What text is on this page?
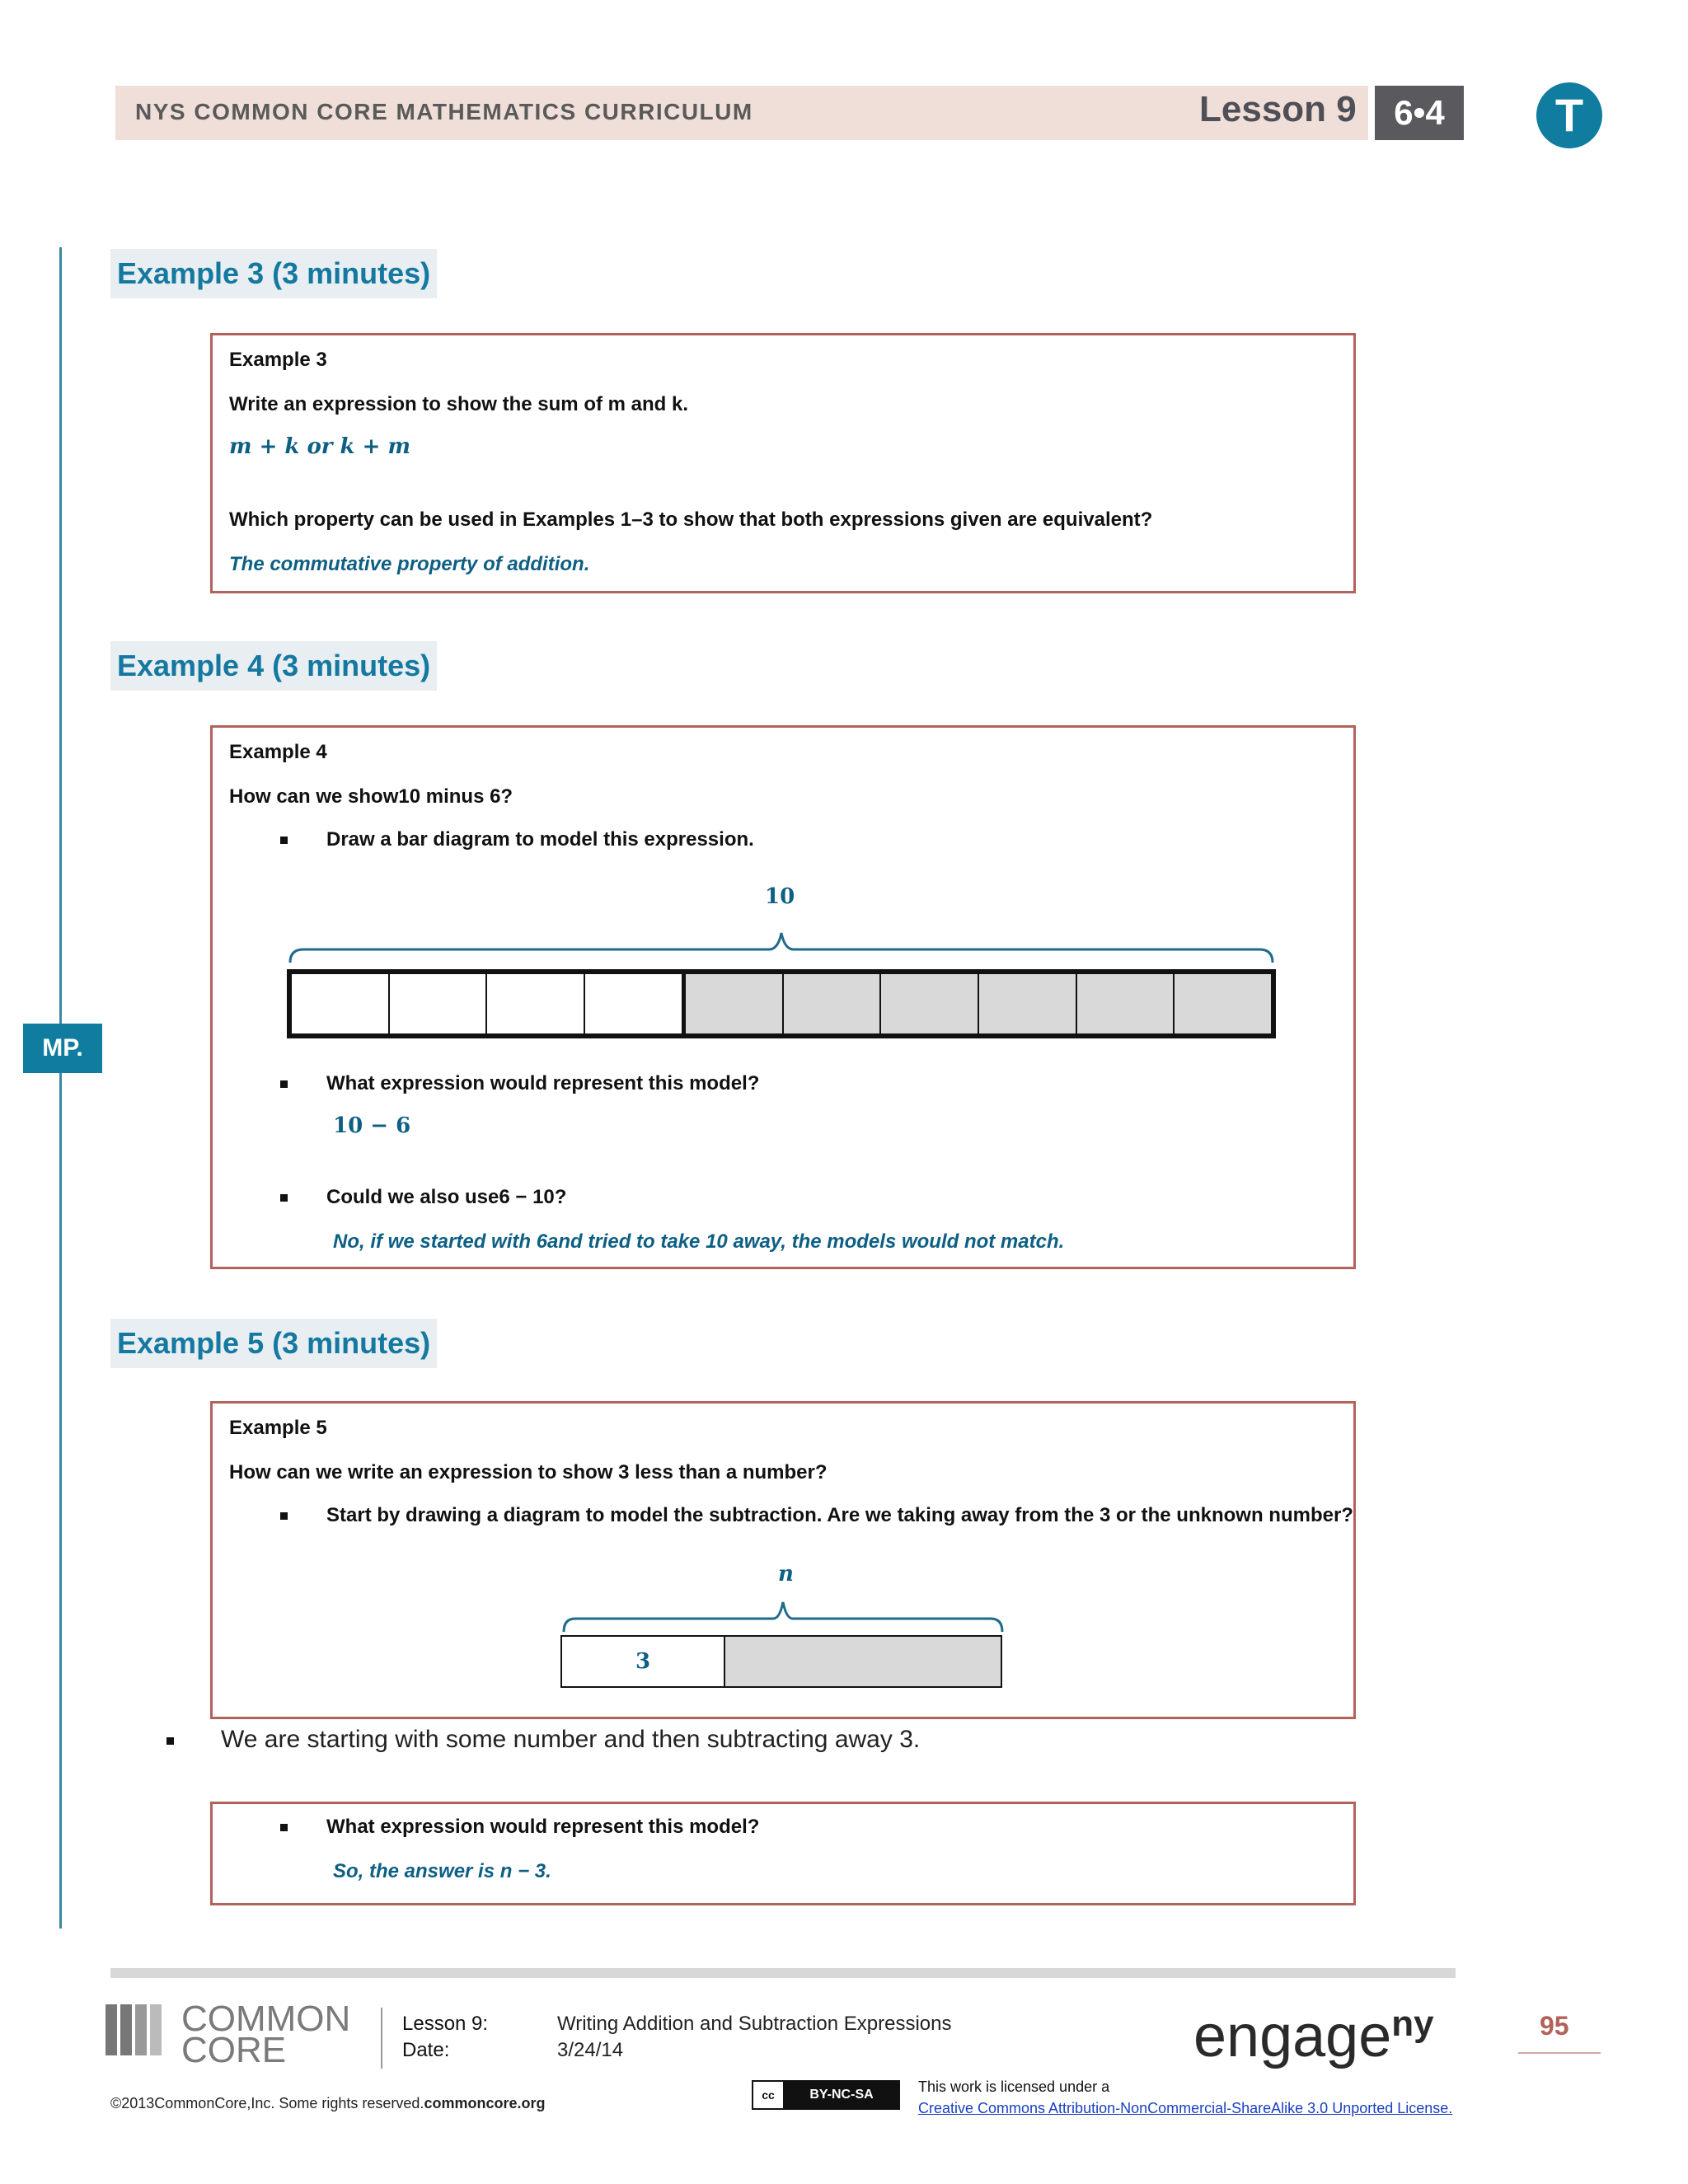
NYS COMMON CORE MATHEMATICS CURRICULUM	Lesson 9	6•4	T
MP.
Example 3 (3 minutes)
Example 3
Write an expression to show the sum of m and k.
m + k or k + m
Which property can be used in Examples 1–3 to show that both expressions given are equivalent?
The commutative property of addition.
Example 4 (3 minutes)
Example 4
How can we show10 minus 6?
Draw a bar diagram to model this expression.
10
What expression would represent this model?
10 − 6
Could we also use6 − 10?
No, if we started with 6and tried to take 10 away, the models would not match.
Example 5 (3 minutes)
Example 5
How can we write an expression to show 3 less than a number?
Start by drawing a diagram to model the subtraction. Are we taking away from the 3 or the unknown number?
n
3
We are starting with some number and then subtracting away 3.
What expression would represent this model?
So, the answer is n − 3.
COMMON
CORE
Lesson 9:	Writing Addition and Subtraction Expressions
Date:	3/24/14	engage$^{ny}$	95
©2013CommonCore,Inc. Some rights reserved.commoncore.org	cc	BY-NC-SA	This work is licensed under a
Creative Commons Attribution-NonCommercial-ShareAlike 3.0 Unported License.
